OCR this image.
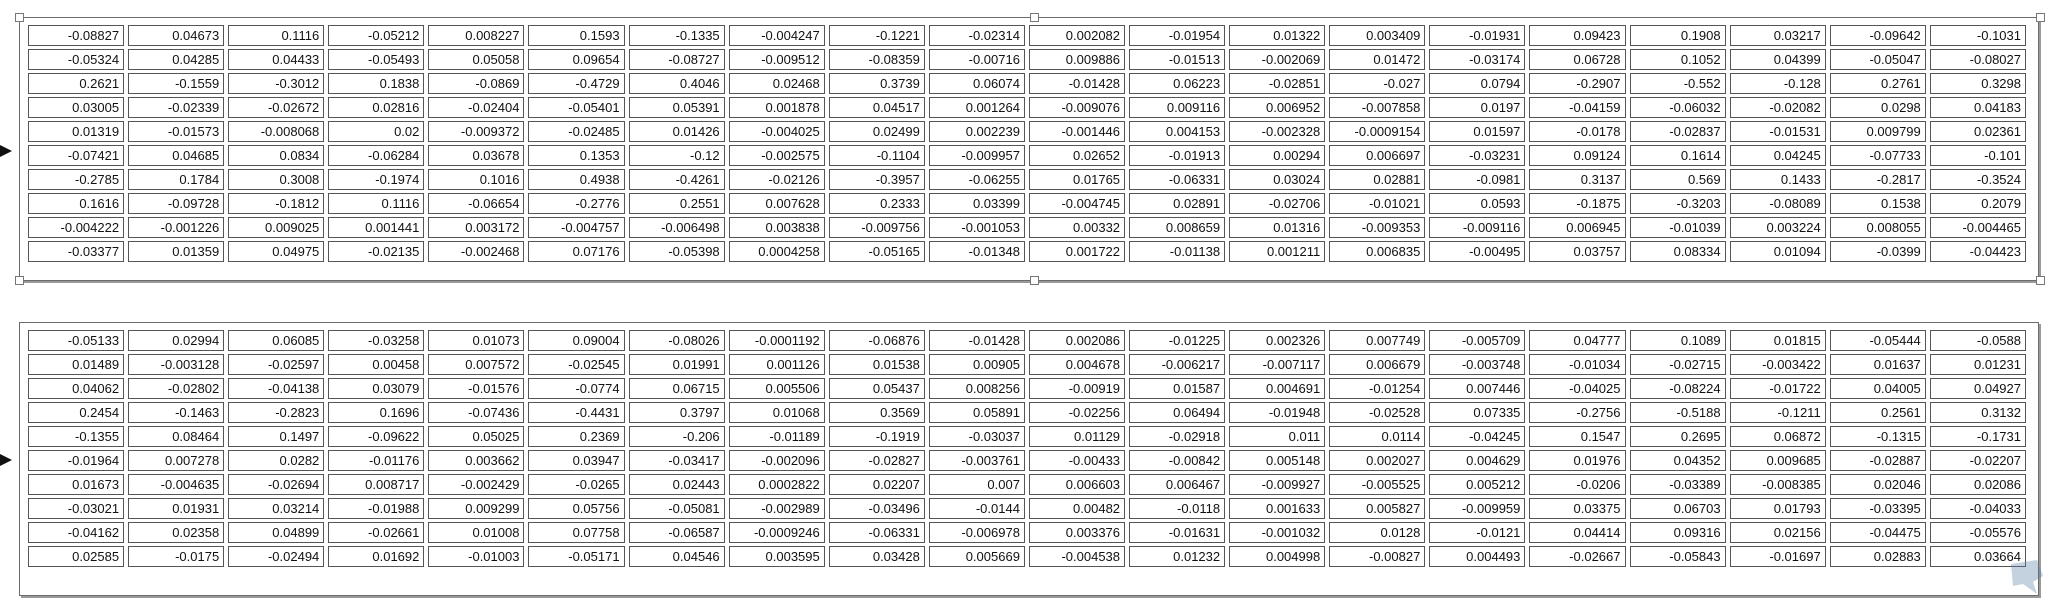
-0.08827	0.04673	0.1116	-0.05212	0.008227	0.1593	-0.1335	-0.004247	-0.1221	-0.02314	0.002082	-0.01954	0.01322	0.003409	-0.01931	0.09423	0.1908	0.03217	-0.09642	-0.1031
-0.05324	0.04285	0.04433	-0.05493	0.05058	0.09654	-0.08727	-0.009512	-0.08359	-0.00716	0.009886	-0.01513	-0.002069	0.01472	-0.03174	0.06728	0.1052	0.04399	-0.05047	-0.08027
0.2621	-0.1559	-0.3012	0.1838	-0.0869	-0.4729	0.4046	0.02468	0.3739	0.06074	-0.01428	0.06223	-0.02851	-0.027	0.0794	-0.2907	-0.552	-0.128	0.2761	0.3298
0.03005	-0.02339	-0.02672	0.02816	-0.02404	-0.05401	0.05391	0.001878	0.04517	0.001264	-0.009076	0.009116	0.006952	-0.007858	0.0197	-0.04159	-0.06032	-0.02082	0.0298	0.04183
0.01319	-0.01573	-0.008068	0.02	-0.009372	-0.02485	0.01426	-0.004025	0.02499	0.002239	-0.001446	0.004153	-0.002328	-0.0009154	0.01597	-0.0178	-0.02837	-0.01531	0.009799	0.02361
-0.07421	0.04685	0.0834	-0.06284	0.03678	0.1353	-0.12	-0.002575	-0.1104	-0.009957	0.02652	-0.01913	0.00294	0.006697	-0.03231	0.09124	0.1614	0.04245	-0.07733	-0.101
-0.2785	0.1784	0.3008	-0.1974	0.1016	0.4938	-0.4261	-0.02126	-0.3957	-0.06255	0.01765	-0.06331	0.03024	0.02881	-0.0981	0.3137	0.569	0.1433	-0.2817	-0.3524
0.1616	-0.09728	-0.1812	0.1116	-0.06654	-0.2776	0.2551	0.007628	0.2333	0.03399	-0.004745	0.02891	-0.02706	-0.01021	0.0593	-0.1875	-0.3203	-0.08089	0.1538	0.2079
-0.004222	-0.001226	0.009025	0.001441	0.003172	-0.004757	-0.006498	0.003838	-0.009756	-0.001053	0.00332	0.008659	0.01316	-0.009353	-0.009116	0.006945	-0.01039	0.003224	0.008055	-0.004465
-0.03377	0.01359	0.04975	-0.02135	-0.002468	0.07176	-0.05398	0.0004258	-0.05165	-0.01348	0.001722	-0.01138	0.001211	0.006835	-0.00495	0.03757	0.08334	0.01094	-0.0399	-0.04423
-0.05133	0.02994	0.06085	-0.03258	0.01073	0.09004	-0.08026	-0.0001192	-0.06876	-0.01428	0.002086	-0.01225	0.002326	0.007749	-0.005709	0.04777	0.1089	0.01815	-0.05444	-0.0588
0.01489	-0.003128	-0.02597	0.00458	0.007572	-0.02545	0.01991	0.001126	0.01538	0.00905	0.004678	-0.006217	-0.007117	0.006679	-0.003748	-0.01034	-0.02715	-0.003422	0.01637	0.01231
0.04062	-0.02802	-0.04138	0.03079	-0.01576	-0.0774	0.06715	0.005506	0.05437	0.008256	-0.00919	0.01587	0.004691	-0.01254	0.007446	-0.04025	-0.08224	-0.01722	0.04005	0.04927
0.2454	-0.1463	-0.2823	0.1696	-0.07436	-0.4431	0.3797	0.01068	0.3569	0.05891	-0.02256	0.06494	-0.01948	-0.02528	0.07335	-0.2756	-0.5188	-0.1211	0.2561	0.3132
-0.1355	0.08464	0.1497	-0.09622	0.05025	0.2369	-0.206	-0.01189	-0.1919	-0.03037	0.01129	-0.02918	0.011	0.0114	-0.04245	0.1547	0.2695	0.06872	-0.1315	-0.1731
-0.01964	0.007278	0.0282	-0.01176	0.003662	0.03947	-0.03417	-0.002096	-0.02827	-0.003761	-0.00433	-0.00842	0.005148	0.002027	0.004629	0.01976	0.04352	0.009685	-0.02887	-0.02207
0.01673	-0.004635	-0.02694	0.008717	-0.002429	-0.0265	0.02443	0.0002822	0.02207	0.007	0.006603	0.006467	-0.009927	-0.005525	0.005212	-0.0206	-0.03389	-0.008385	0.02046	0.02086
-0.03021	0.01931	0.03214	-0.01988	0.009299	0.05756	-0.05081	-0.002989	-0.03496	-0.0144	0.00482	-0.0118	0.001633	0.005827	-0.009959	0.03375	0.06703	0.01793	-0.03395	-0.04033
-0.04162	0.02358	0.04899	-0.02661	0.01008	0.07758	-0.06587	-0.0009246	-0.06331	-0.006978	0.003376	-0.01631	-0.001032	0.0128	-0.0121	0.04414	0.09316	0.02156	-0.04475	-0.05576
0.02585	-0.0175	-0.02494	0.01692	-0.01003	-0.05171	0.04546	0.003595	0.03428	0.005669	-0.004538	0.01232	0.004998	-0.00827	0.004493	-0.02667	-0.05843	-0.01697	0.02883	0.03664
